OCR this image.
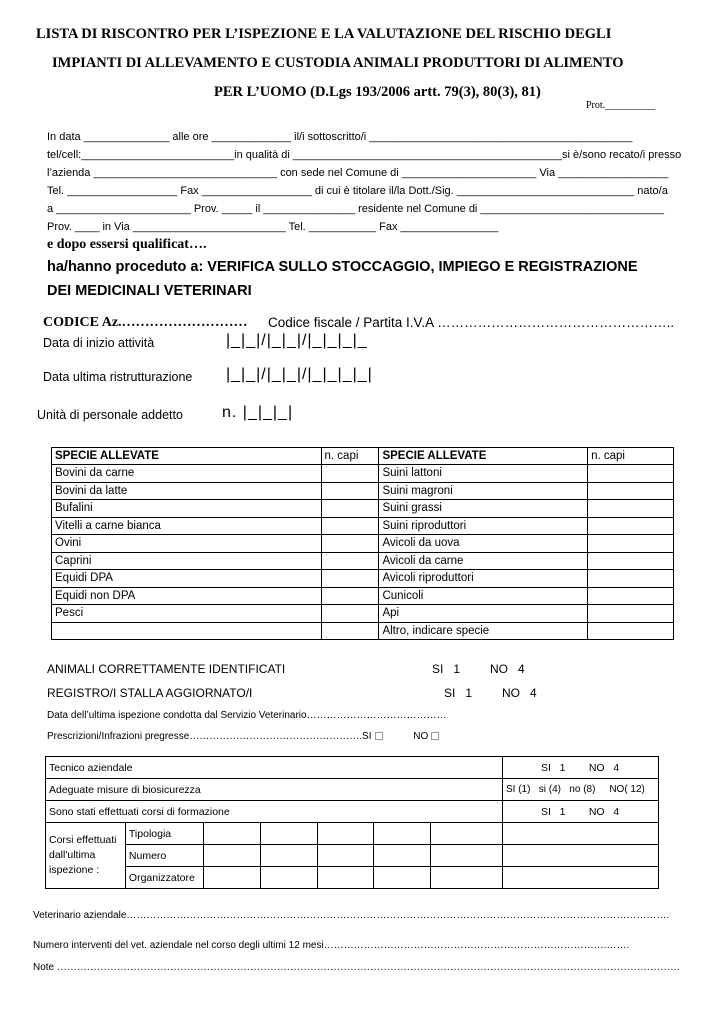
LISTA DI RISCONTRO PER L’ISPEZIONE E LA VALUTAZIONE DEL RISCHIO DEGLI
IMPIANTI DI ALLEVAMENTO E CUSTODIA ANIMALI PRODUTTORI DI ALIMENTO
PER L’UOMO (D.Lgs 193/2006 artt. 79(3), 80(3), 81)
Prot.__________
In data ______________ alle ore _____________ il/i sottoscritto/i ___________________________________________
tel/cell:_________________________in qualità di ____________________________________________si è/sono recato/i presso
l’azienda ______________________________ con sede nel Comune di ______________________ Via __________________
Tel. __________________ Fax __________________ di cui è titolare il/la Dott./Sig. _____________________________ nato/a
a ______________________ Prov. _____ il _______________ residente nel Comune di ______________________________
Prov. ____ in Via _________________________ Tel. ___________ Fax ________________
e dopo essersi qualificat….
ha/hanno proceduto a: VERIFICA SULLO STOCCAGGIO, IMPIEGO E REGISTRAZIONE
DEI MEDICINALI VETERINARI
CODICE Az.……………………… Codice fiscale / Partita I.V.A ……………………………………………..
Data di inizio attività	|_|_|/|_|_|/|_|_|_|_
Data ultima ristrutturazione |_|_|/|_|_|/|_|_|_|_|
Unità di personale addetto n. |_|_|_|
SPECIE ALLEVATE	n. capi	SPECIE ALLEVATE	n. capi
Bovini da carne		Suini lattoni	
Bovini da latte		Suini magroni	
Bufalini		Suini grassi	
Vitelli a carne bianca		Suini riproduttori	
Ovini		Avicoli da uova	
Caprini		Avicoli da carne	
Equidi DPA		Avicoli riproduttori	
Equidi non DPA		Cunicoli	
Pesci		Api	
		Altro, indicare specie	
ANIMALI CORRETTAMENTE IDENTIFICATI	SI   1         NO   4
REGISTRO/I STALLA AGGIORNATO/I	SI   1         NO   4
Data dell’ultima ispezione condotta dal Servizio Veterinario……………………………………
Prescrizioni/Infrazioni pregresse…………………………………………….SI	NO
Tecnico aziendale							SI   1        NO   4
Adeguate misure di biosicurezza							SI (1)   si (4)   no (8)     NO( 12)
Sono stati effettuati corsi di formazione							SI   1        NO   4
Corsi effettuati dall'ultima ispezione :	Tipologia						
	Numero						
	Organizzatore						
Veterinario aziendale……………………………………………………………………………………………………………………………………………….
Numero interventi del vet. aziendale nel corso degli ultimi 12 mesi………………………………………………………………………….…….
Note …………………………………………………………………………………………………………………………………………………………………….
